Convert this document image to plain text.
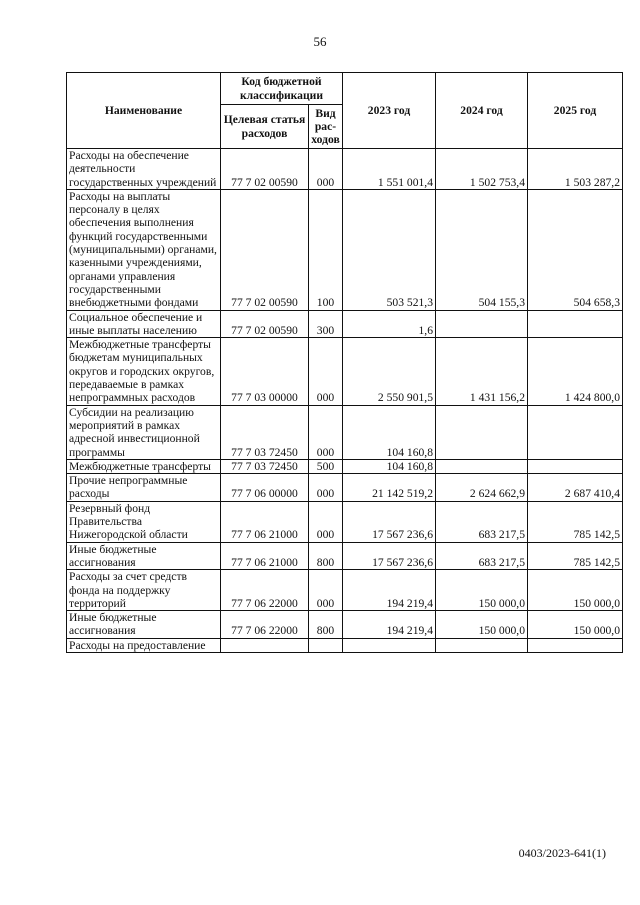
56
Наименование	Код бюджетной классификации		2023 год	2024 год	2025 год
	Целевая статья расходов	Вид рас-ходов			
Расходы на обеспечение деятельности государственных учреждений	77 7 02 00590	000	1 551 001,4	1 502 753,4	1 503 287,2
Расходы на выплаты персоналу в целях обеспечения выполнения функций государственными (муниципальными) органами, казенными учреждениями, органами управления государственными внебюджетными фондами	77 7 02 00590	100	503 521,3	504 155,3	504 658,3
Социальное обеспечение и иные выплаты населению	77 7 02 00590	300	1,6		
Межбюджетные трансферты бюджетам муниципальных округов и городских округов, передаваемые в рамках непрограммных расходов	77 7 03 00000	000	2 550 901,5	1 431 156,2	1 424 800,0
Субсидии на реализацию мероприятий в рамках адресной инвестиционной программы	77 7 03 72450	000	104 160,8		
Межбюджетные трансферты	77 7 03 72450	500	104 160,8		
Прочие непрограммные расходы	77 7 06 00000	000	21 142 519,2	2 624 662,9	2 687 410,4
Резервный фонд Правительства Нижегородской области	77 7 06 21000	000	17 567 236,6	683 217,5	785 142,5
Иные бюджетные ассигнования	77 7 06 21000	800	17 567 236,6	683 217,5	785 142,5
Расходы за счет средств фонда на поддержку территорий	77 7 06 22000	000	194 219,4	150 000,0	150 000,0
Иные бюджетные ассигнования	77 7 06 22000	800	194 219,4	150 000,0	150 000,0
Расходы на предоставление					
0403/2023-641(1)
